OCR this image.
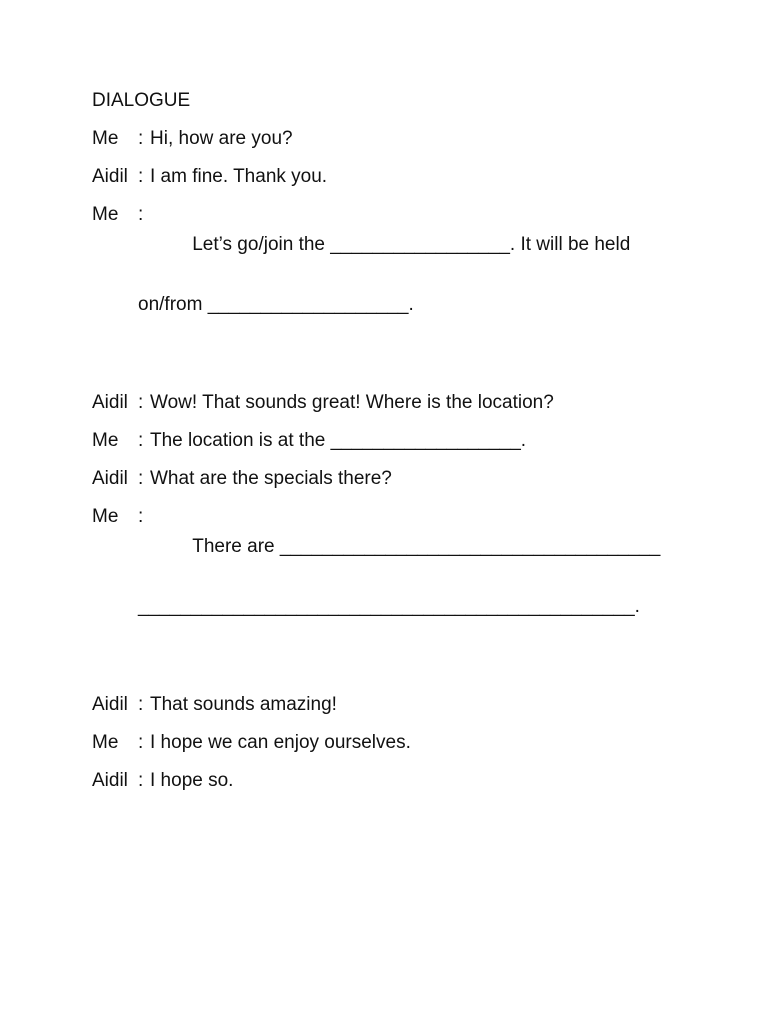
DIALOGUE
Me	: Hi, how are you?
Aidil : I am fine. Thank you.
Me	:

Let’s go/join the _________________. It will be held

on/from ___________________.

Aidil : Wow! That sounds great! Where is the location?
Me	: The location is at the __________________.
Aidil : What are the specials there?
Me	:

There are ____________________________________

_______________________________________________.

Aidil : That sounds amazing!
Me	: I hope we can enjoy ourselves.
Aidil : I hope so.
